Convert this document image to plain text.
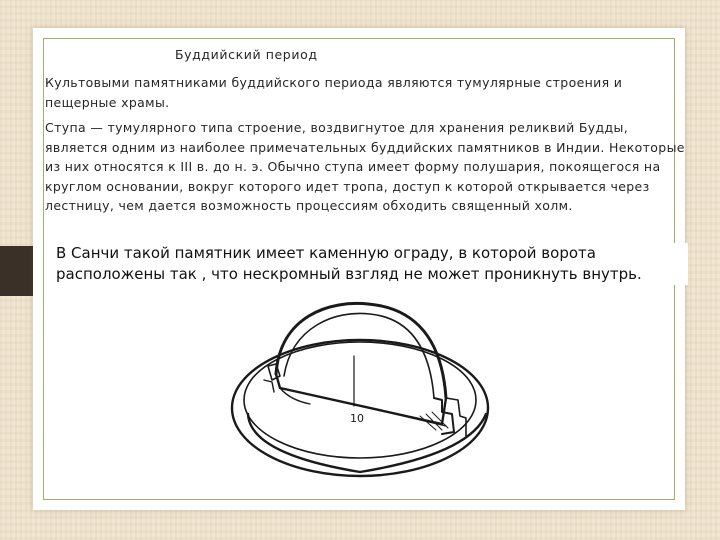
Буддийский период

Культовыми памятниками буддийского периода являются тумулярные строения и пещерные храмы.

Ступа — тумулярного типа строение, воздвигнутое для хранения реликвий Будды, является одним из наиболее примечательных буддийских памятников в Индии. Некоторые из них относятся к III в. до н. э. Обычно ступа имеет форму полушария, покоящегося на круглом основании, вокруг которого идет тропа, доступ к которой открывается через лестницу, чем дается возможность процессиям обходить священный холм.

В Санчи такой памятник имеет каменную ограду, в которой ворота расположены так , что нескромный взгляд не может проникнуть внутрь.

10
